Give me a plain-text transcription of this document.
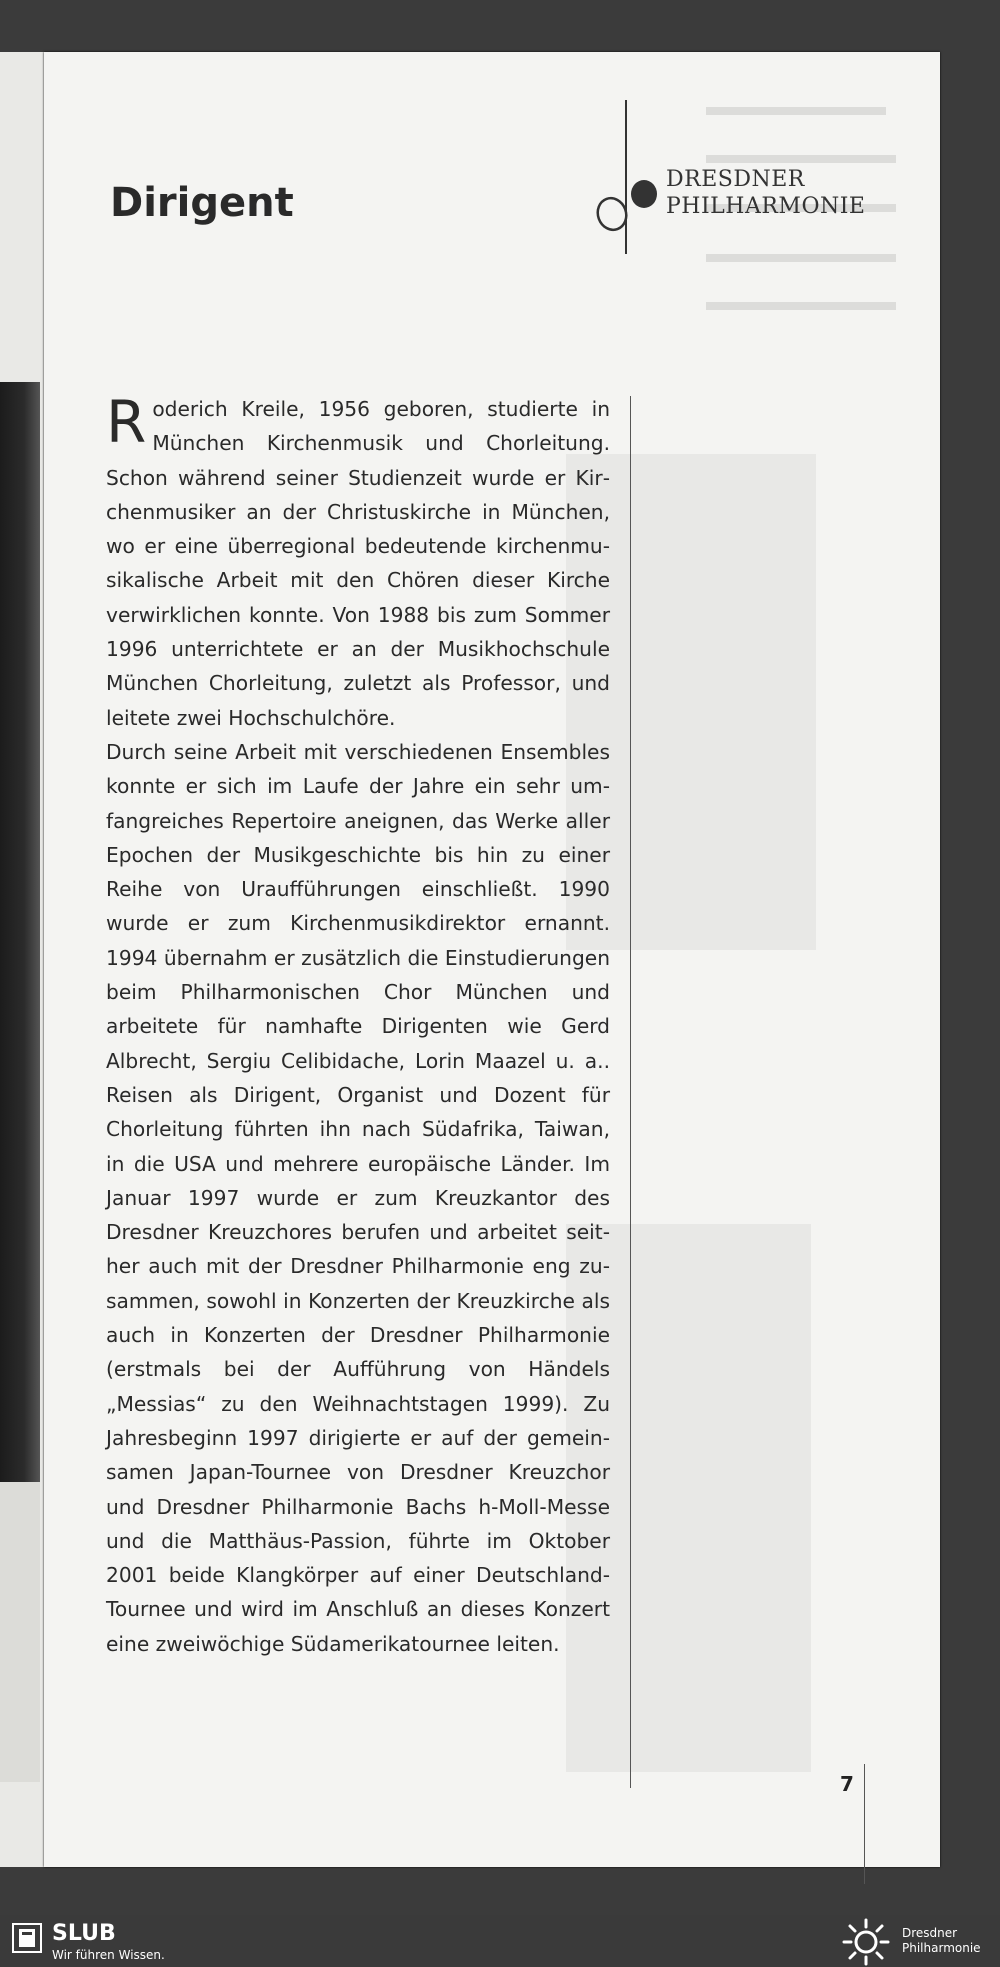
Dirigent
DRESDNER
PHILHARMONIE

Roderich Kreile, 1956 geboren, studierte in München Kirchenmusik und Chorleitung. Schon während seiner Studienzeit wurde er Kirchenmusiker an der Christuskirche in München, wo er eine überregional bedeutende kirchenmusikalische Arbeit mit den Chören dieser Kirche verwirklichen konnte. Von 1988 bis zum Sommer 1996 unterrichtete er an der Musikhochschule München Chorleitung, zuletzt als Professor, und leitete zwei Hochschulchöre.

Durch seine Arbeit mit verschiedenen Ensembles konnte er sich im Laufe der Jahre ein sehr umfangreiches Repertoire aneignen, das Werke aller Epochen der Musikgeschichte bis hin zu einer Reihe von Uraufführungen einschließt. 1990 wurde er zum Kirchenmusikdirektor ernannt. 1994 übernahm er zusätzlich die Einstudierungen beim Philharmonischen Chor München und arbeitete für namhafte Dirigenten wie Gerd Albrecht, Sergiu Celibidache, Lorin Maazel u. a.. Reisen als Dirigent, Organist und Dozent für Chorleitung führten ihn nach Südafrika, Taiwan, in die USA und mehrere europäische Länder. Im Januar 1997 wurde er zum Kreuzkantor des Dresdner Kreuzchores berufen und arbeitet seither auch mit der Dresdner Philharmonie eng zusammen, sowohl in Konzerten der Kreuzkirche als auch in Konzerten der Dresdner Philharmonie (erstmals bei der Aufführung von Händels „Messias“ zu den Weihnachtstagen 1999). Zu Jahresbeginn 1997 dirigierte er auf der gemeinsamen Japan-Tournee von Dresdner Kreuzchor und Dresdner Philharmonie Bachs h-Moll-Messe und die Matthäus-Passion, führte im Oktober 2001 beide Klangkörper auf einer Deutschland-Tournee und wird im Anschluß an dieses Konzert eine zweiwöchige Südamerikatournee leiten.

7
SLUB
Wir führen Wissen.
Dresdner
Philharmonie
